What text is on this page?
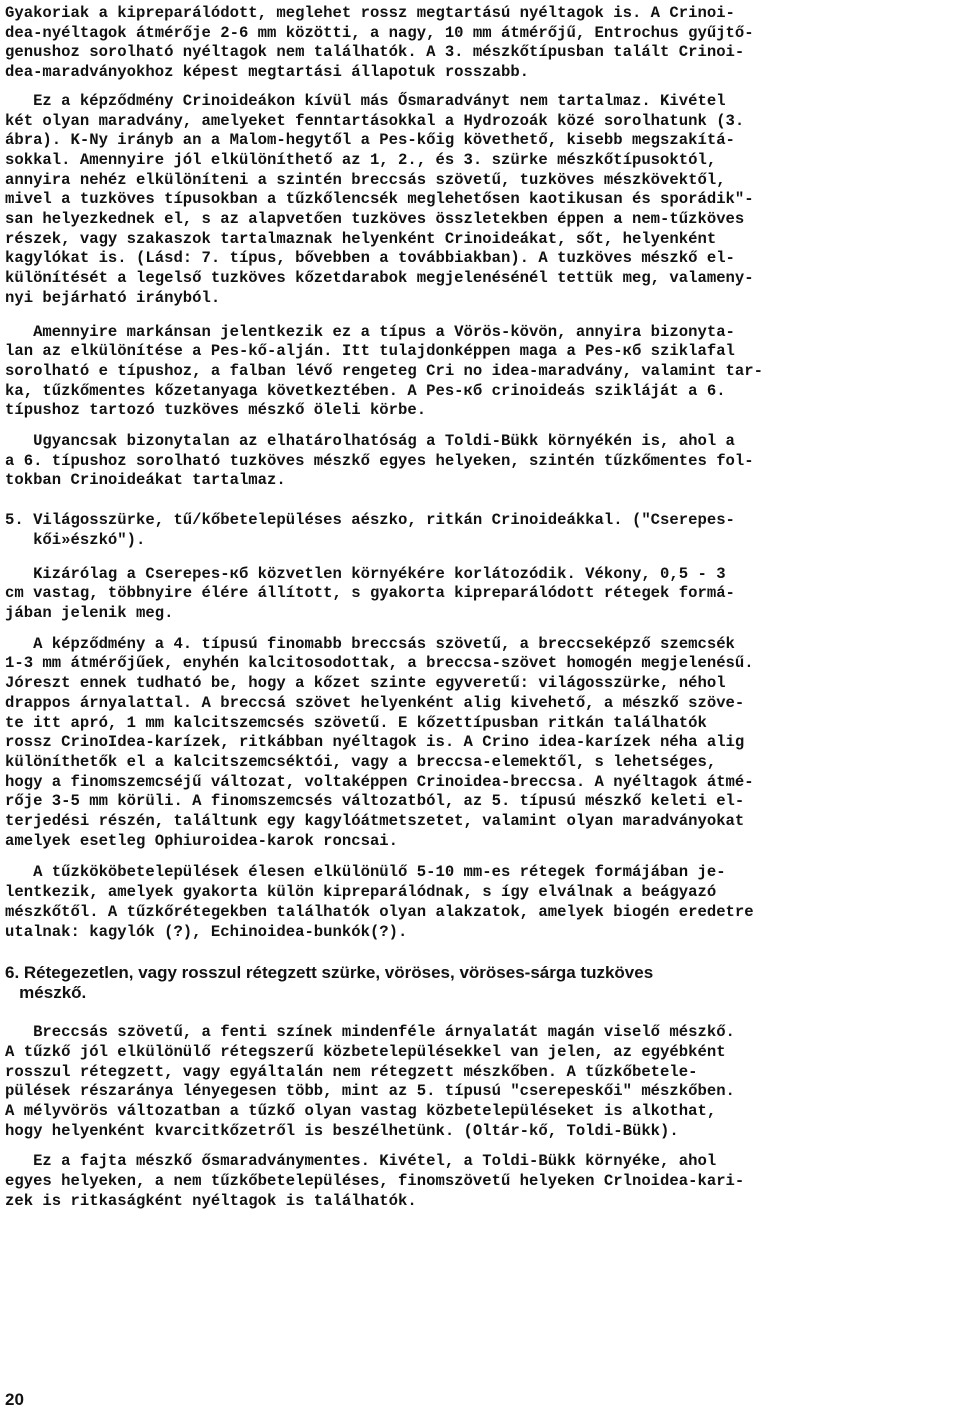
Gyakoriak a kipreparálódott, meglehet rossz megtartású nyéltagok is. A Crinoi-
dea-nyéltagok átmérője 2-6 mm közötti, a nagy, 10 mm átmérőjű, Entrochus gyűjtő-
genushoz sorolható nyéltagok nem találhatók. A 3. mészkőtípusban talált Crinoi-
dea-maradványokhoz képest megtartási állapotuk rosszabb.

Ez a képződmény Crinoideákon kívül más Ősmaradványt nem tartalmaz. Kivétel
két olyan maradvány, amelyeket fenntartásokkal a Hydrozoák közé sorolhatunk (3.
ábra). K-Ny irányb an a Malom-hegytől a Pes-kőig követhető, kisebb megszakítá-
sokkal. Amennyire jól elkülöníthető az 1, 2., és 3. szürke mészkőtípusoktól,
annyira nehéz elkülöníteni a szintén breccsás szövetű, tuzköves mészkövektől,
mivel a tuzköves típusokban a tűzkőlencsék meglehetősen kaotikusan és sporádik"-
san helyezkednek el, s az alapvetően tuzköves összletekben éppen a nem-tűzköves
részek, vagy szakaszok tartalmaznak helyenként Crinoideákat, sőt, helyenként
kagylókat is. (Lásd: 7. típus, bővebben a továbbiakban). A tuzköves mészkő el-
különítését a legelső tuzköves kőzetdarabok megjelenésénél tettük meg, valameny-
nyi bejárható irányból.

Amennyire markánsan jelentkezik ez a típus a Vörös-kövön, annyira bizonyta-
lan az elkülönítése a Pes-kő-alján. Itt tulajdonképpen maga a Pes-кб sziklafal
sorolható e típushoz, a falban lévő rengeteg Cri no idea-maradvány, valamint tar-
ka, tűzkőmentes kőzetanyaga következtében. A Pes-кб crinoideás szikláját a 6.
típushoz tartozó tuzköves mészkő öleli körbe.

Ugyancsak bizonytalan az elhatárolhatóság a Toldi-Bükk környékén is, ahol a
a 6. típushoz sorolható tuzköves mészkő egyes helyeken, szintén tűzkőmentes fol-
tokban Crinoideákat tartalmaz.

5. Világosszürke, tű/kőbetelepüléses aészko, ritkán Crinoideákkal. ("Cserepes-
kői»észkó").

Kizárólag a Cserepes-кб közvetlen környékére korlátozódik. Vékony, 0,5 - 3
cm vastag, többnyire élére állított, s gyakorta kipreparálódott rétegek formá-
jában jelenik meg.

A képződmény a 4. típusú finomabb breccsás szövetű, a breccseképző szemcsék
1-3 mm átmérőjűek, enyhén kalcitosodottak, a breccsa-szövet homogén megjelenésű.
Jóreszt ennek tudható be, hogy a kőzet szinte egyveretű: világosszürke, néhol
drappos árnyalattal. A breccsá szövet helyenként alig kivehető, a mészkő szöve-
te itt apró, 1 mm kalcitszemcsés szövetű. E kőzettípusban ritkán találhatók
rossz CrinoIdea-karízek, ritkábban nyéltagok is. A Crino idea-karízek néha alig
különíthetők el a kalcitszemcséktói, vagy a breccsa-elemektől, s lehetséges,
hogy a finomszemcséjű változat, voltaképpen Crinoidea-breccsa. A nyéltagok átmé-
rője 3-5 mm körüli. A finomszemcsés változatból, az 5. típusú mészkő keleti el-
terjedési részén, találtunk egy kagylóátmetszetet, valamint olyan maradványokat
amelyek esetleg Ophiuroidea-karok roncsai.

A tűzkököbetelepülések élesen elkülönülő 5-10 mm-es rétegek formájában je-
lentkezik, amelyek gyakorta külön kipreparálódnak, s így elválnak a beágyazó
mészkőtől. A tűzkőrétegekben találhatók olyan alakzatok, amelyek biogén eredetre
utalnak: kagylók (?), Echinoidea-bunkók(?).

6. Rétegezetlen, vagy rosszul rétegzett szürke, vöröses, vöröses-sárga tuzköves
mészkő.

Breccsás szövetű, a fenti színek mindenféle árnyalatát magán viselő mészkő.
A tűzkő jól elkülönülő rétegszerű közbetelepülésekkel van jelen, az egyébként
rosszul rétegzett, vagy egyáltalán nem rétegzett mészkőben. A tűzkőbetele-
pülések részaránya lényegesen több, mint az 5. típusú "cserepeskői" mészkőben.
A mélyvörös változatban a tűzkő olyan vastag közbetelepüléseket is alkothat,
hogy helyenként kvarcitkőzetről is beszélhetünk. (Oltár-kő, Toldi-Bükk).

Ez a fajta mészkő ősmaradványmentes. Kivétel, a Toldi-Bükk környéke, ahol
egyes helyeken, a nem tűzkőbetelepüléses, finomszövetű helyeken Crlnoidea-kari-
zek is ritkaságként nyéltagok is találhatók.

20
